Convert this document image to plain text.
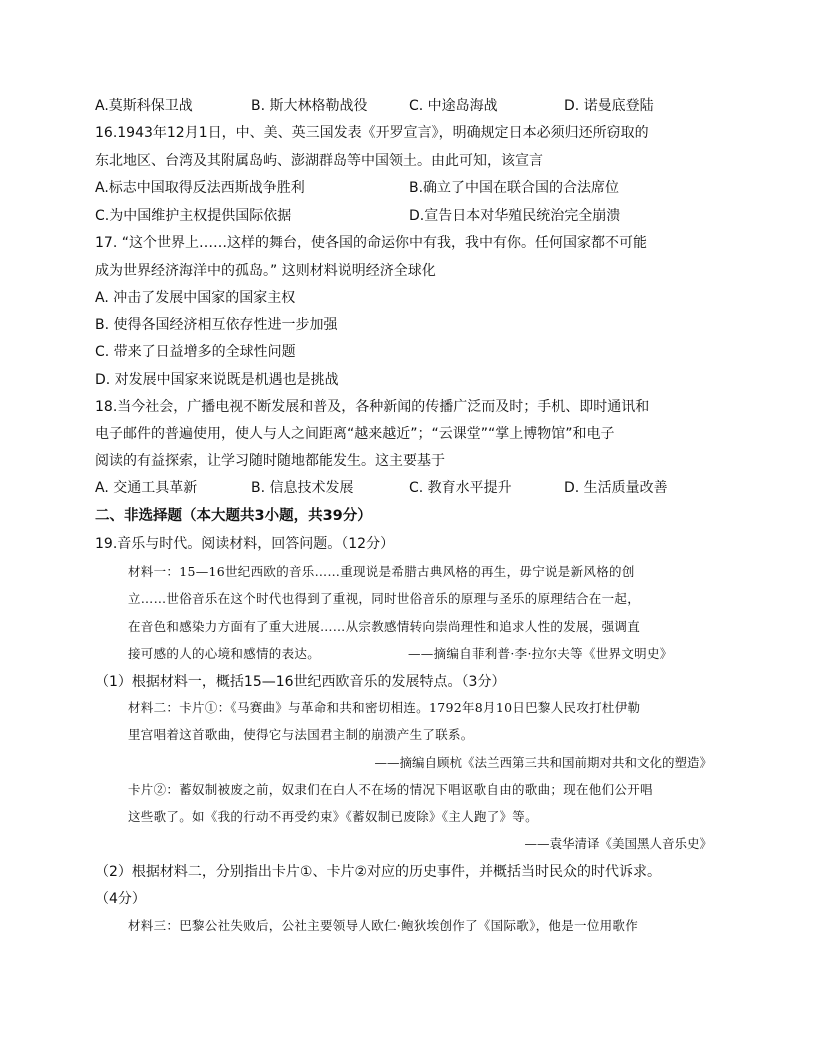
A.莫斯科保卫战	B. 斯大林格勒战役	C. 中途岛海战	D. 诺曼底登陆
16.1943年12月1日，中、美、英三国发表《开罗宣言》，明确规定日本必须归还所窃取的
东北地区、台湾及其附属岛屿、澎湖群岛等中国领土。由此可知，该宣言
A.标志中国取得反法西斯战争胜利	B.确立了中国在联合国的合法席位
C.为中国维护主权提供国际依据	D.宣告日本对华殖民统治完全崩溃
17. “这个世界上……这样的舞台，使各国的命运你中有我，我中有你。任何国家都不可能
成为世界经济海洋中的孤岛。” 这则材料说明经济全球化
A. 冲击了发展中国家的国家主权
B. 使得各国经济相互依存性进一步加强
C. 带来了日益增多的全球性问题
D. 对发展中国家来说既是机遇也是挑战
18.当今社会，广播电视不断发展和普及，各种新闻的传播广泛而及时；手机、即时通讯和
电子邮件的普遍使用，使人与人之间距离“越来越近”；“云课堂”“掌上博物馆”和电子
阅读的有益探索，让学习随时随地都能发生。这主要基于
A. 交通工具革新	B. 信息技术发展	C. 教育水平提升	D. 生活质量改善
二、非选择题（本大题共3小题，共39分）
19.音乐与时代。阅读材料，回答问题。（12分）
材料一：15—16世纪西欧的音乐……重现说是希腊古典风格的再生，毋宁说是新风格的创
立……世俗音乐在这个时代也得到了重视，同时世俗音乐的原理与圣乐的原理结合在一起，
在音色和感染力方面有了重大进展……从宗教感情转向崇尚理性和追求人性的发展，强调直
接可感的人的心境和感情的表达。	——摘编自菲利普·李·拉尔夫等《世界文明史》
（1）根据材料一，概括15—16世纪西欧音乐的发展特点。（3分）
材料二：卡片①：《马赛曲》与革命和共和密切相连。1792年8月10日巴黎人民攻打杜伊勒
里宫唱着这首歌曲，使得它与法国君主制的崩溃产生了联系。
——摘编自顾杭《法兰西第三共和国前期对共和文化的塑造》
卡片②：蓄奴制被废之前，奴隶们在白人不在场的情况下唱讴歌自由的歌曲；现在他们公开唱
这些歌了。如《我的行动不再受约束》《蓄奴制已废除》《主人跑了》等。
——袁华清译《美国黑人音乐史》
（2）根据材料二，分别指出卡片①、卡片②对应的历史事件，并概括当时民众的时代诉求。
（4分）
材料三：巴黎公社失败后，公社主要领导人欧仁·鲍狄埃创作了《国际歌》，他是一位用歌作
